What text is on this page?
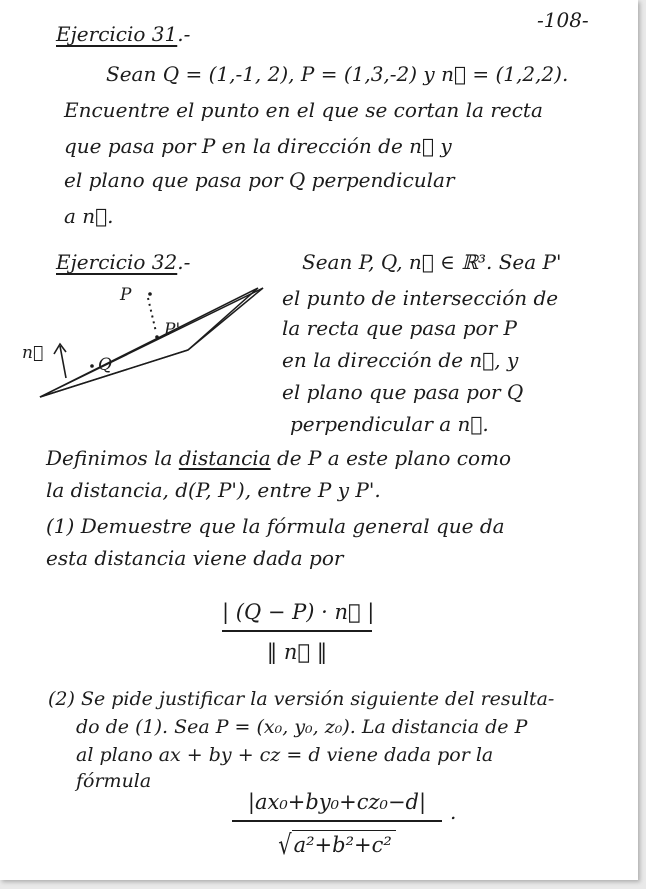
-108-
Ejercicio 31.-
Sean Q = (1,-1, 2), P = (1,3,-2) y n⃗ = (1,2,2).
Encuentre el punto en el que se cortan la recta
que pasa por P en la dirección de n⃗ y
el plano que pasa por Q perpendicular
a n⃗.
Ejercicio 32.-	Sean P, Q, n⃗ ∈ ℝ³. Sea P'
el punto de intersección de
la recta que pasa por P
en la dirección de n⃗, y
el plano que pasa por Q
perpendicular a n⃗.
P
P'
Q
n⃗
Definimos la distancia de P a este plano como
la distancia, d(P, P'), entre P y P'.
(1) Demuestre que la fórmula general que da
esta distancia viene dada por
| (Q − P) · n⃗ |
‖ n⃗ ‖
(2) Se pide justificar la versión siguiente del resulta-
do de (1). Sea P = (x₀, y₀, z₀). La distancia de P
al plano ax + by + cz = d viene dada por la
fórmula
|ax₀+by₀+cz₀−d|
√a²+b²+c²
.
